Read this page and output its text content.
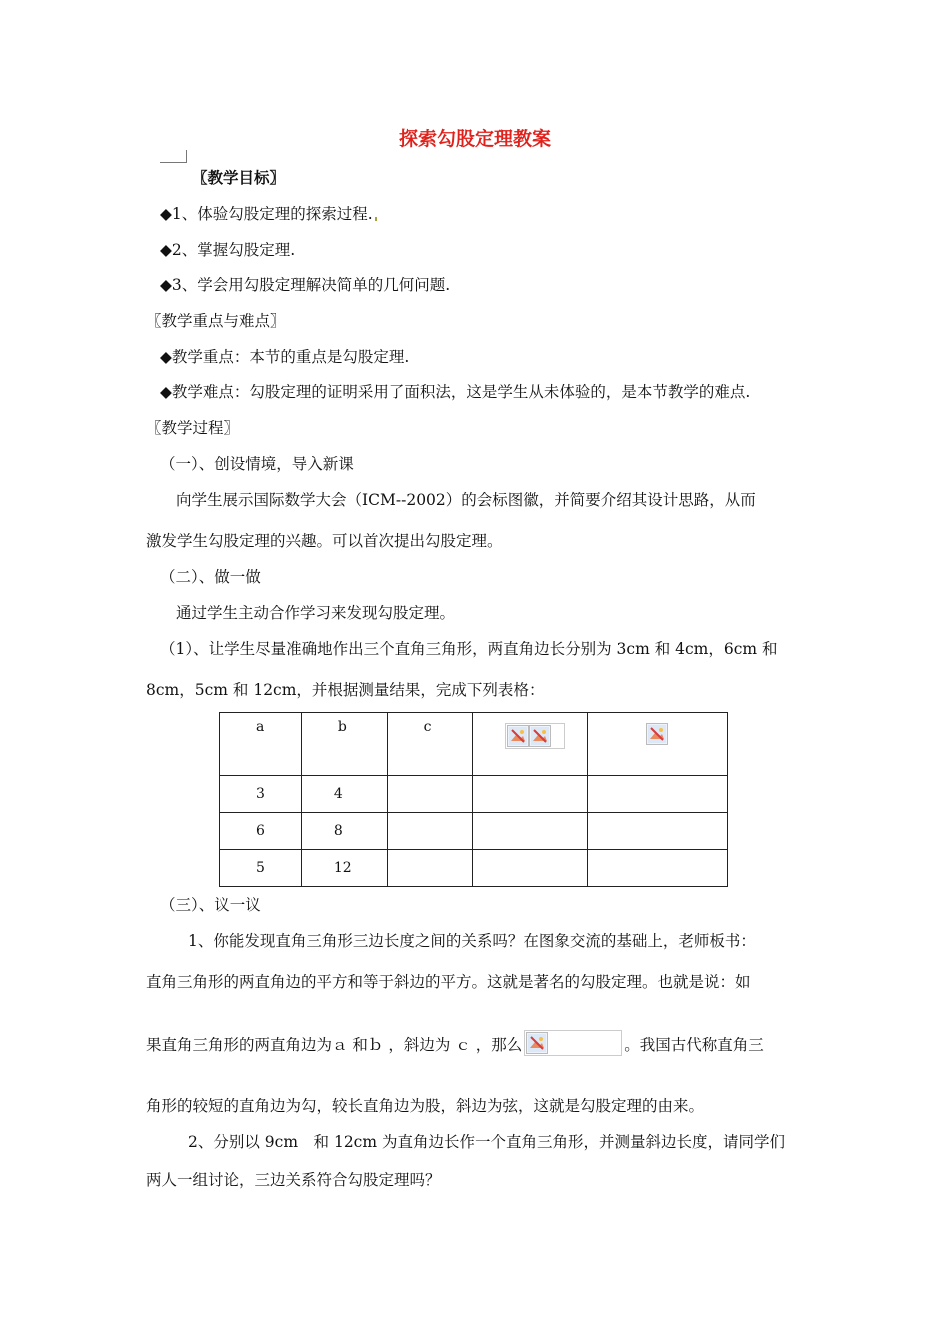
探索勾股定理教案
〖教学目标〗
◆1、体验勾股定理的探索过程.
◆2、掌握勾股定理.
◆3、学会用勾股定理解决简单的几何问题.
〖教学重点与难点〗
◆教学重点：本节的重点是勾股定理.
◆教学难点：勾股定理的证明采用了面积法，这是学生从未体验的，是本节教学的难点.
〖教学过程〗
（一）、创设情境，导入新课
向学生展示国际数学大会（ICM--2002）的会标图徽，并简要介绍其设计思路，从而
激发学生勾股定理的兴趣。可以首次提出勾股定理。
（二）、做一做
通过学生主动合作学习来发现勾股定理。
（1）、让学生尽量准确地作出三个直角三角形，两直角边长分别为 3cm 和 4cm，6cm 和
8cm，5cm 和 12cm，并根据测量结果，完成下列表格：
a	b	c

3	4			

6	8			

5	12			

（三）、议一议
1、你能发现直角三角形三边长度之间的关系吗？在图象交流的基础上，老师板书：
直角三角形的两直角边的平方和等于斜边的平方。这就是著名的勾股定理。也就是说：如
果直角三角形的两直角边为ａ 和ｂ ，斜边为 ｃ ，那么	。我国古代称直角三
角形的较短的直角边为勾，较长直角边为股，斜边为弦，这就是勾股定理的由来。
2、分别以 9cm　和 12cm 为直角边长作一个直角三角形，并测量斜边长度，请同学们
两人一组讨论，三边关系符合勾股定理吗？
